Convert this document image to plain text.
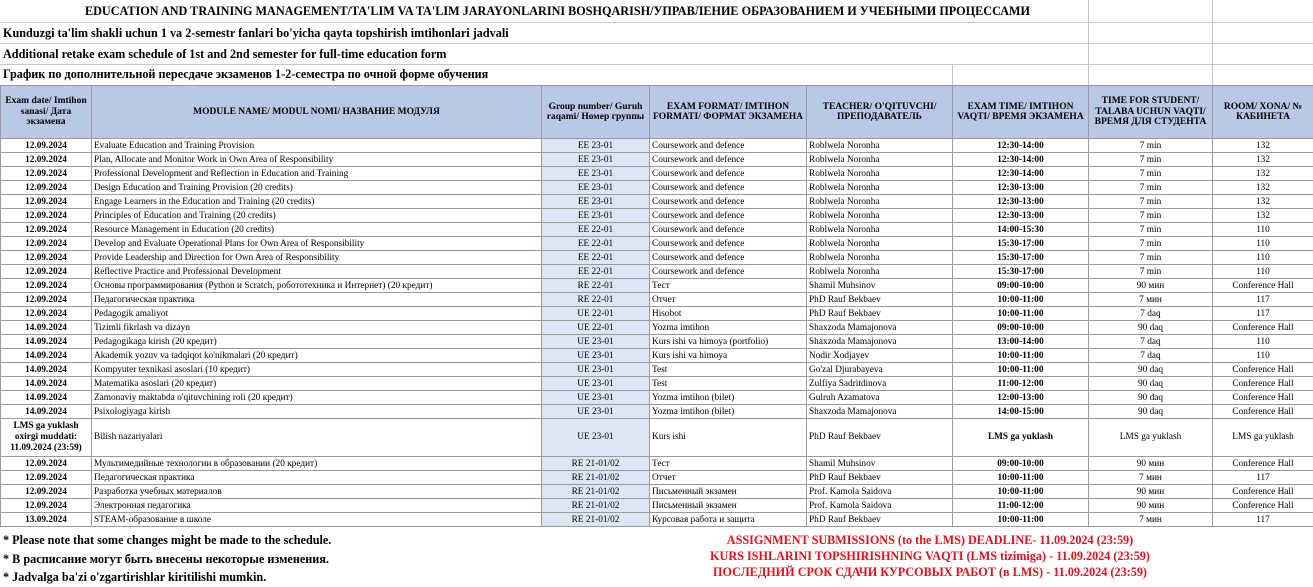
EDUCATION AND TRAINING MANAGEMENT/TA'LIM VA TA'LIM JARAYONLARINI BOSHQARISH/УПРАВЛЕНИЕ ОБРАЗОВАНИЕМ И УЧЕБНЫМИ ПРОЦЕССАМИ
Kunduzgi ta'lim shakli uchun 1 va 2-semestr fanlari bo'yicha qayta topshirish imtihonlari jadvali
Additional retake exam schedule of 1st and 2nd semester for full-time education form
График по дополнительной пересдаче экзаменов 1-2-семестра по очной форме обучения
Exam date/ Imtihon sanasi/ Дата экзамена	MODULE NAME/ MODUL NOMI/ НАЗВАНИЕ МОДУЛЯ	Group number/ Guruh raqami/ Номер группы	EXAM FORMAT/ IMTIHON FORMATI/ ФОРМАТ ЭКЗАМЕНА	TEACHER/ O'QITUVCHI/ ПРЕПОДАВАТЕЛЬ	EXAM TIME/ IMTIHON VAQTI/ ВРЕМЯ ЭКЗАМЕНА	TIME FOR STUDENT/ TALABA UCHUN VAQTI/ ВРЕМЯ ДЛЯ СТУДЕНТА	ROOM/ XONA/ № КАБИНЕТА
12.09.2024	Evaluate Education and Training Provision	EE 23-01	Coursework and defence	Roblwela Noronha	12:30-14:00	7 min	132
12.09.2024	Plan, Allocate and Monitor Work in Own Area of Responsibility	EE 23-01	Coursework and defence	Roblwela Noronha	12:30-14:00	7 min	132
12.09.2024	Professional Development and Reflection in Education and Training	EE 23-01	Coursework and defence	Roblwela Noronha	12:30-14:00	7 min	132
12.09.2024	Design Education and Training Provision (20 credits)	EE 23-01	Coursework and defence	Roblwela Noronha	12:30-13:00	7 min	132
12.09.2024	Engage Learners in the Education and Training (20 credits)	EE 23-01	Coursework and defence	Roblwela Noronha	12:30-13:00	7 min	132
12.09.2024	Principles of Education and Training (20 credits)	EE 23-01	Coursework and defence	Roblwela Noronha	12:30-13:00	7 min	132
12.09.2024	Resource Management in Education (20 credits)	EE 22-01	Coursework and defence	Roblwela Noronha	14:00-15:30	7 min	110
12.09.2024	Develop and Evaluate Operational Plans for Own Area of Responsibility	EE 22-01	Coursework and defence	Roblwela Noronha	15:30-17:00	7 min	110
12.09.2024	Provide Leadership and Direction for Own Area of Responsibility	EE 22-01	Coursework and defence	Roblwela Noronha	15:30-17:00	7 min	110
12.09.2024	Reflective Practice and Professional Development	EE 22-01	Coursework and defence	Roblwela Noronha	15:30-17:00	7 min	110
12.09.2024	Основы программирования (Python и Scratch, робототехника и Интернет) (20 кредит)	RE 22-01	Тест	Shamil Muhsinov	09:00-10:00	90 мин	Conference Hall
12.09.2024	Педагогическая практика	RE 22-01	Отчет	PhD Rauf Bekbaev	10:00-11:00	7 мин	117
12.09.2024	Pedagogik amaliyot	UE 22-01	Hisobot	PhD Rauf Bekbaev	10:00-11:00	7 daq	117
14.09.2024	Tizimli fikrlash va dizayn	UE 22-01	Yozma imtihon	Shaxzoda Mamajonova	09:00-10:00	90 daq	Conference Hall
14.09.2024	Pedagogikaga kirish (20 кредит)	UE 23-01	Kurs ishi va himoya (portfolio)	Shaxzoda Mamajonova	13:00-14:00	7 daq	110
14.09.2024	Akademik yozuv va tadqiqot ko'nikmalari (20 кредит)	UE 23-01	Kurs ishi va himoya	Nodir Xodjayev	10:00-11:00	7 daq	110
14.09.2024	Kompyuter texnikasi asoslari (10 кредит)	UE 23-01	Test	Go'zal Djurabayeva	10:00-11:00	90 daq	Conference Hall
14.09.2024	Matematika asoslari (20 кредит)	UE 23-01	Test	Zulfiya Sadritdinova	11:00-12:00	90 daq	Conference Hall
14.09.2024	Zamonaviy maktabda o'qituvchining roli (20 кредит)	UE 23-01	Yozma imtihon (bilet)	Gulruh Azamatova	12:00-13:00	90 daq	Conference Hall
14.09.2024	Psixologiyaga kirish	UE 23-01	Yozma imtihon (bilet)	Shaxzoda Mamajonova	14:00-15:00	90 daq	Conference Hall
LMS ga yuklash oxirgi muddati: 11.09.2024 (23:59)	Bilish nazariyalari	UE 23-01	Kurs ishi	PhD Rauf Bekbaev	LMS ga yuklash	LMS ga yuklash	LMS ga yuklash
12.09.2024	Мультимедийные технологии в образовании (20 кредит)	RE 21-01/02	Тест	Shamil Muhsinov	09:00-10:00	90 мин	Conference Hall
12.09.2024	Педагогическая практика	RE 21-01/02	Отчет	PhD Rauf Bekbaev	10:00-11:00	7 мин	117
12.09.2024	Разработка учебных материалов	RE 21-01/02	Письменный экзамен	Prof. Kamola Saidova	10:00-11:00	90 мин	Conference Hall
12.09.2024	Электронная педагогика	RE 21-01/02	Письменный экзамен	Prof. Kamola Saidova	11:00-12:00	90 мин	Conference Hall
13.09.2024	STEAM-образование в школе	RE 21-01/02	Курсовая работа и защита	PhD Rauf Bekbaev	10:00-11:00	7 мин	117
* Please note that some changes might be made to the schedule.
* В расписание могут быть внесены некоторые изменения.
* Jadvalga ba'zi o'zgartirishlar kiritilishi mumkin.
ASSIGNMENT SUBMISSIONS (to the LMS) DEADLINE- 11.09.2024 (23:59)
KURS ISHLARINI TOPSHIRISHNING VAQTI (LMS tizimiga) - 11.09.2024 (23:59)
ПОСЛЕДНИЙ СРОК СДАЧИ КУРСОВЫХ РАБОТ (в LMS) - 11.09.2024 (23:59)
